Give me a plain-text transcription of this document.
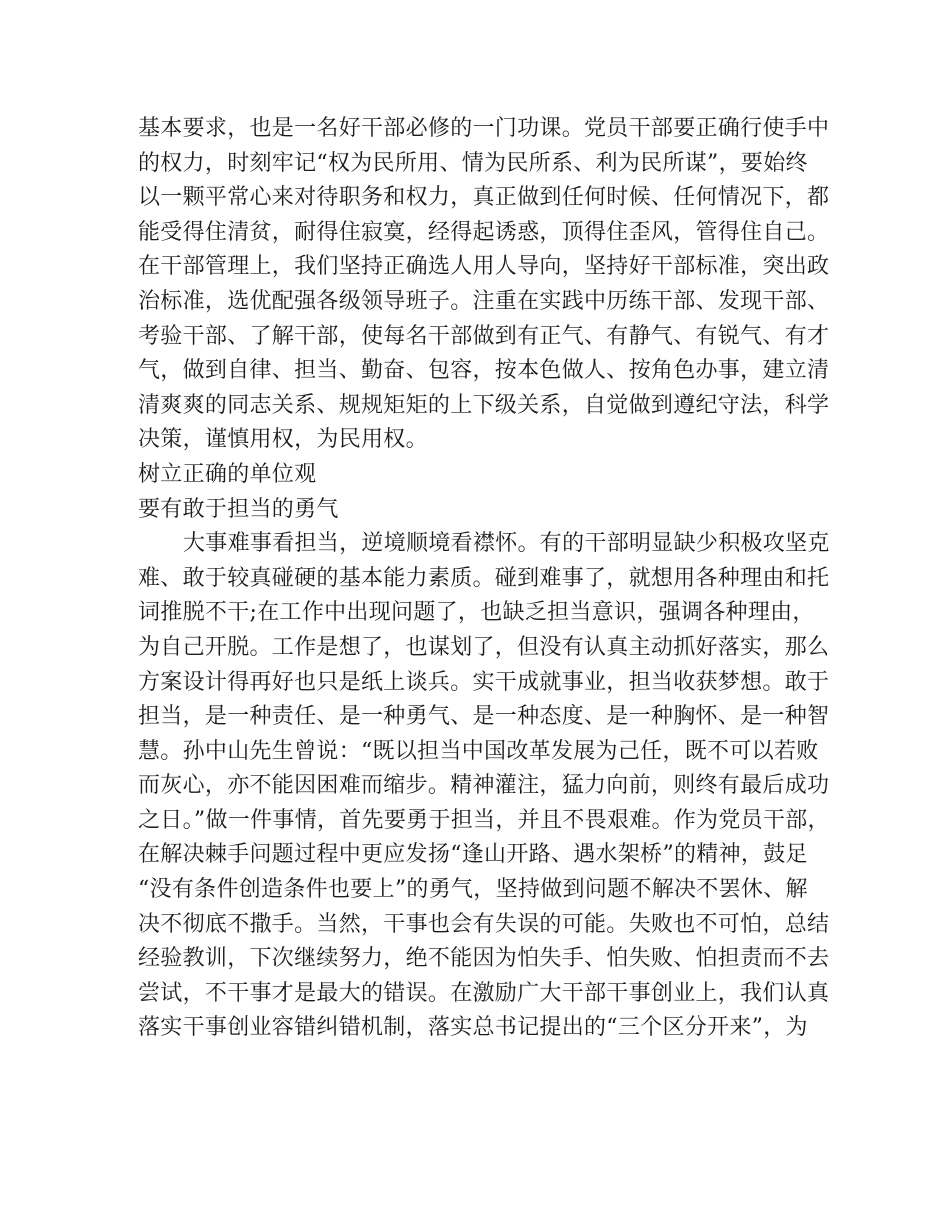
基本要求，也是一名好干部必修的一门功课。党员干部要正确行使手中
的权力，时刻牢记“权为民所用、情为民所系、利为民所谋”，要始终
以一颗平常心来对待职务和权力，真正做到任何时候、任何情况下，都
能受得住清贫，耐得住寂寞，经得起诱惑，顶得住歪风，管得住自己。
在干部管理上，我们坚持正确选人用人导向，坚持好干部标准，突出政
治标准，选优配强各级领导班子。注重在实践中历练干部、发现干部、
考验干部、了解干部，使每名干部做到有正气、有静气、有锐气、有才
气，做到自律、担当、勤奋、包容，按本色做人、按角色办事，建立清
清爽爽的同志关系、规规矩矩的上下级关系，自觉做到遵纪守法，科学
决策，谨慎用权，为民用权。
树立正确的单位观
要有敢于担当的勇气
大事难事看担当，逆境顺境看襟怀。有的干部明显缺少积极攻坚克
难、敢于较真碰硬的基本能力素质。碰到难事了，就想用各种理由和托
词推脱不干;在工作中出现问题了，也缺乏担当意识，强调各种理由，
为自己开脱。工作是想了，也谋划了，但没有认真主动抓好落实，那么
方案设计得再好也只是纸上谈兵。实干成就事业，担当收获梦想。敢于
担当，是一种责任、是一种勇气、是一种态度、是一种胸怀、是一种智
慧。孙中山先生曾说：“既以担当中国改革发展为己任，既不可以若败
而灰心，亦不能因困难而缩步。精神灌注，猛力向前，则终有最后成功
之日。”做一件事情，首先要勇于担当，并且不畏艰难。作为党员干部，
在解决棘手问题过程中更应发扬“逢山开路、遇水架桥”的精神，鼓足
“没有条件创造条件也要上”的勇气，坚持做到问题不解决不罢休、解
决不彻底不撒手。当然，干事也会有失误的可能。失败也不可怕，总结
经验教训，下次继续努力，绝不能因为怕失手、怕失败、怕担责而不去
尝试，不干事才是最大的错误。在激励广大干部干事创业上，我们认真
落实干事创业容错纠错机制，落实总书记提出的“三个区分开来”，为
